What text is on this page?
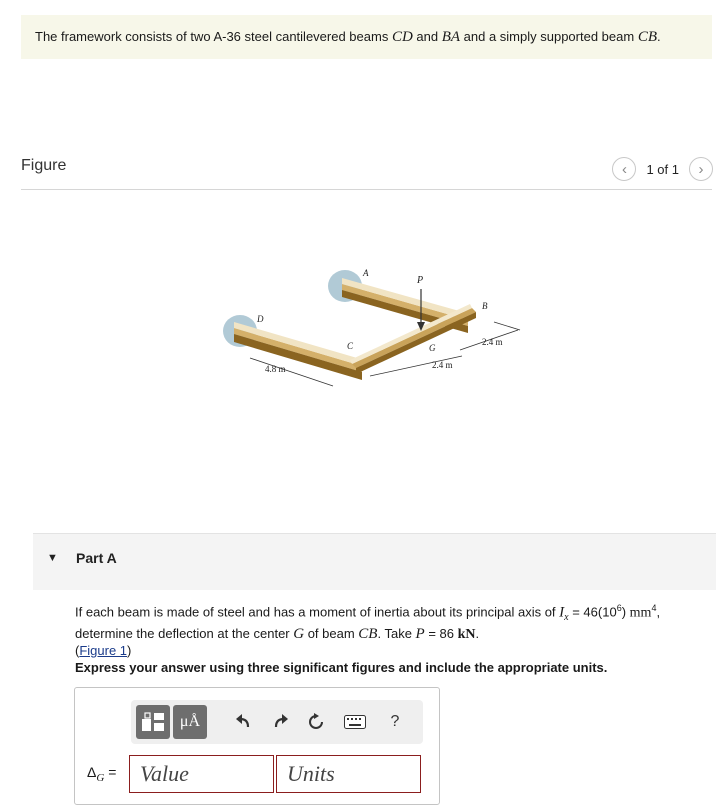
The framework consists of two A-36 steel cantilevered beams CD and BA and a simply supported beam CB.
Figure	‹ 1 of 1 ›
A
P
B
D
C	G
2.4 m
2.4 m
4.8 m
▼ Part A
If each beam is made of steel and has a moment of inertia about its principal axis of $I_x = 46(10^6)$ $mm^4$,
determine the deflection at the center G of beam CB. Take P = 86 kN.
(Figure 1)
Express your answer using three significant figures and include the appropriate units.
μÅ	?
$\Delta_G$ =	Value	Units
